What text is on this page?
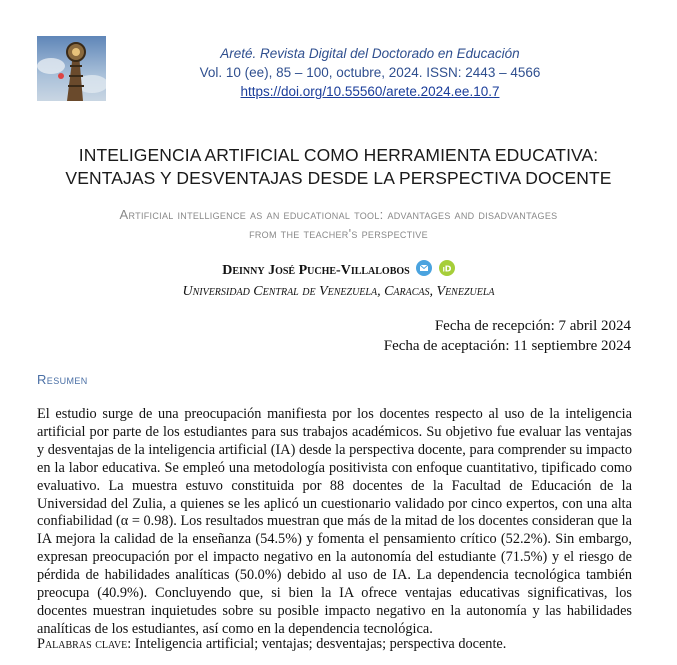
Areté. Revista Digital del Doctorado en Educación
Vol. 10 (ee), 85 – 100, octubre, 2024. ISSN: 2443 – 4566
https://doi.org/10.55560/arete.2024.ee.10.7
INTELIGENCIA ARTIFICIAL COMO HERRAMIENTA EDUCATIVA:
VENTAJAS Y DESVENTAJAS DESDE LA PERSPECTIVA DOCENTE
Artificial intelligence as an educational tool: advantages and disadvantages
from the teacher's perspective
Deinny José Puche-Villalobos
	iD
Universidad Central de Venezuela, Caracas, Venezuela
Fecha de recepción: 7 abril 2024
Fecha de aceptación: 11 septiembre 2024
Resumen
El estudio surge de una preocupación manifiesta por los docentes respecto al uso de la inteligencia artificial por parte de los estudiantes para sus trabajos académicos. Su objetivo fue evaluar las ventajas y desventajas de la inteligencia artificial (IA) desde la perspectiva docente, para comprender su impacto en la labor educativa. Se empleó una metodología positivista con enfoque cuantitativo, tipificado como evaluativo. La muestra estuvo constituida por 88 docentes de la Facultad de Educación de la Universidad del Zulia, a quienes se les aplicó un cuestionario validado por cinco expertos, con una alta confiabilidad (α = 0.98). Los resultados muestran que más de la mitad de los docentes consideran que la IA mejora la calidad de la enseñanza (54.5%) y fomenta el pensamiento crítico (52.2%). Sin embargo, expresan preocupación por el impacto negativo en la autonomía del estudiante (71.5%) y el riesgo de pérdida de habilidades analíticas (50.0%) debido al uso de IA. La dependencia tecnológica también preocupa (40.9%). Concluyendo que, si bien la IA ofrece ventajas educativas significativas, los docentes muestran inquietudes sobre su posible impacto negativo en la autonomía y las habilidades analíticas de los estudiantes, así como en la dependencia tecnológica.
Palabras clave: Inteligencia artificial; ventajas; desventajas; perspectiva docente.
